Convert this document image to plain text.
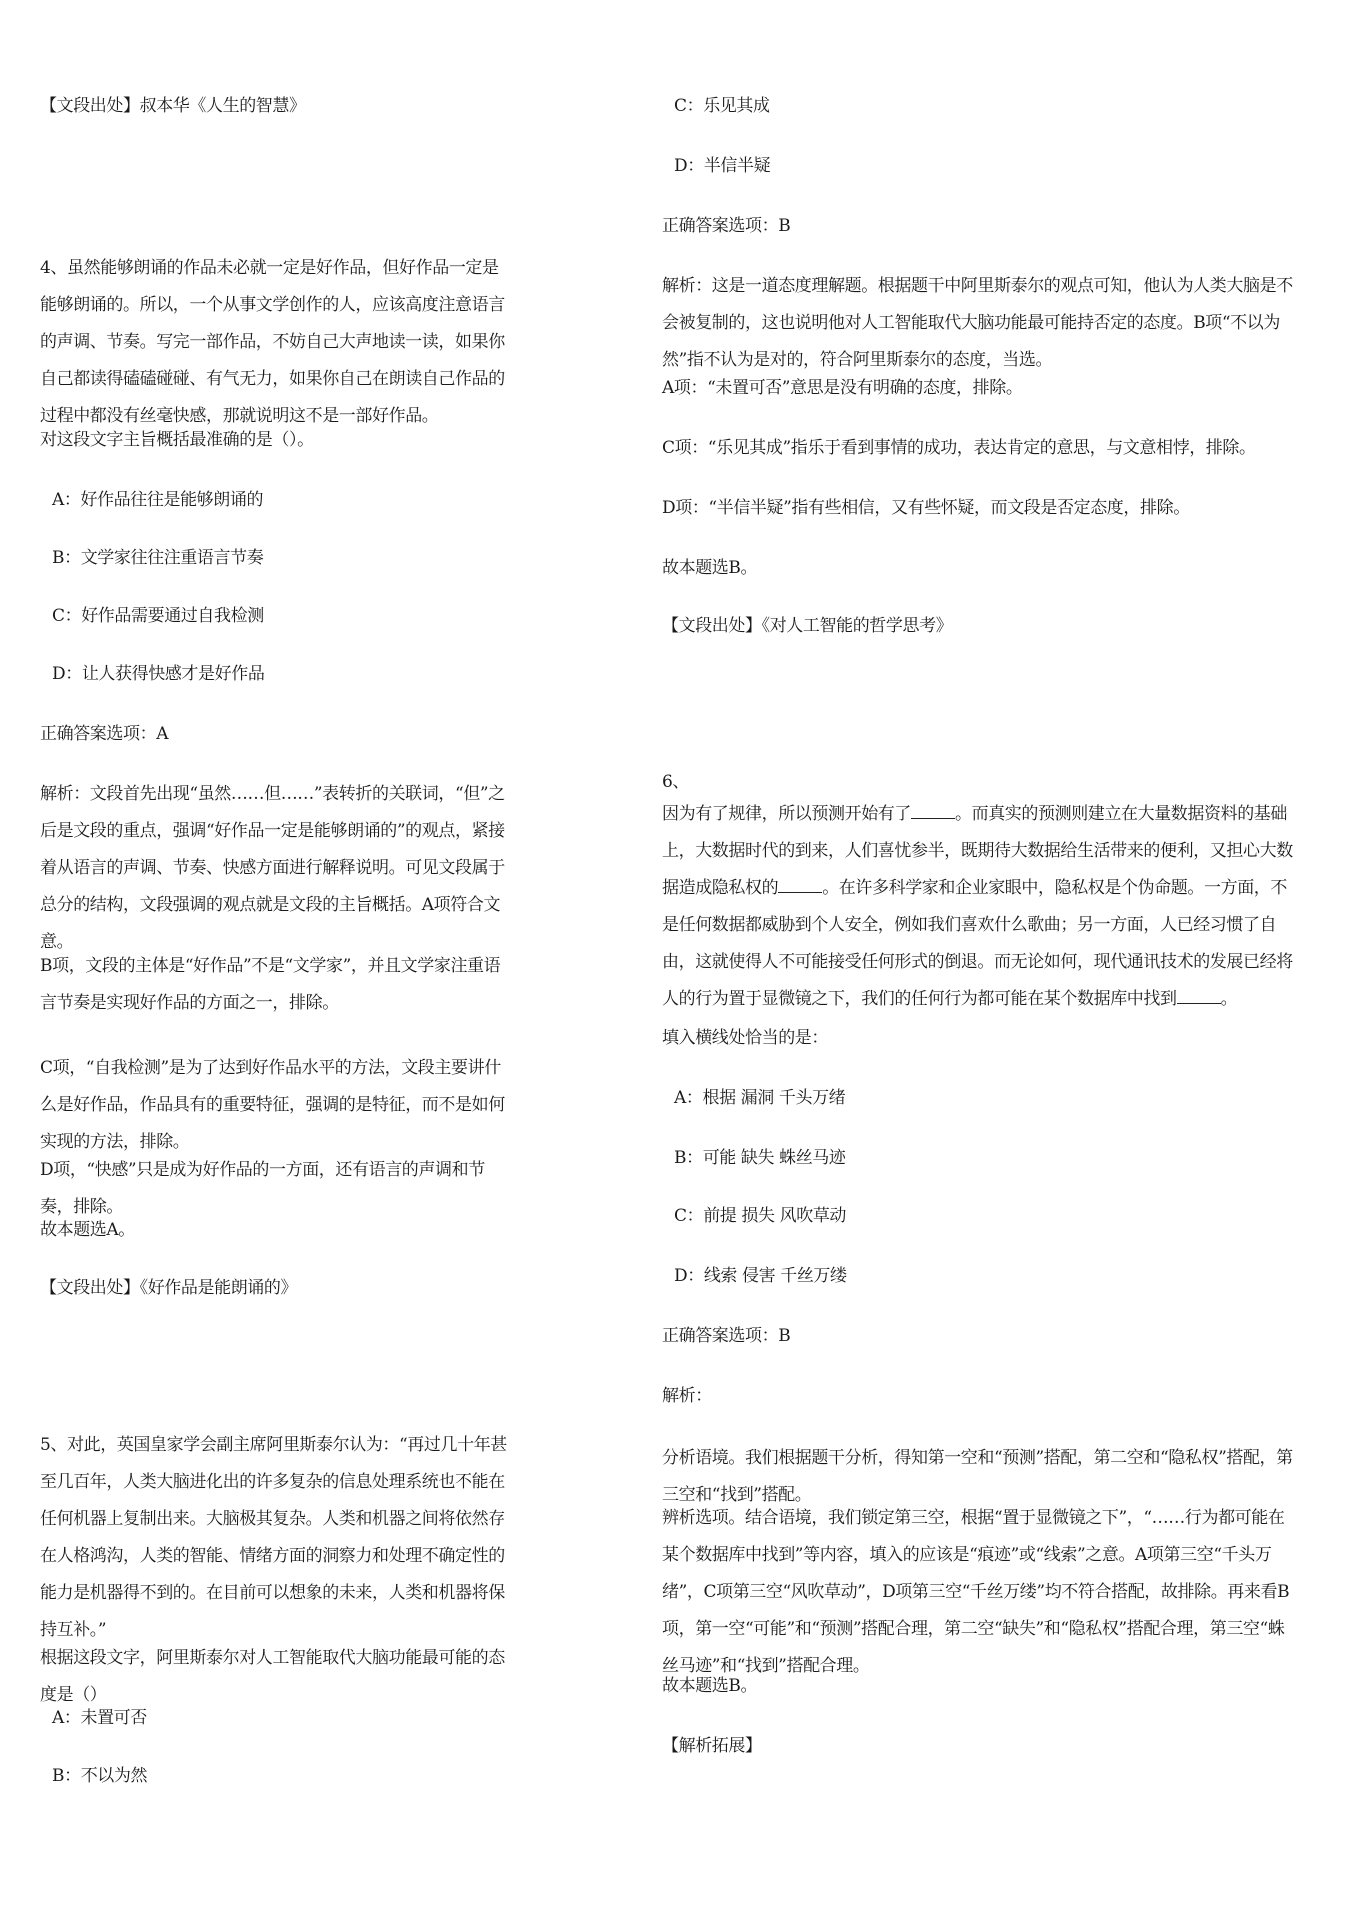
【文段出处】叔本华《人生的智慧》

4、虽然能够朗诵的作品未必就一定是好作品，但好作品一定是能够朗诵的。所以，一个从事文学创作的人，应该高度注意语言的声调、节奏。写完一部作品，不妨自己大声地读一读，如果你自己都读得磕磕碰碰、有气无力，如果你自己在朗读自己作品的过程中都没有丝毫快感，那就说明这不是一部好作品。

对这段文字主旨概括最准确的是（）。

A：好作品往往是能够朗诵的

B：文学家往往注重语言节奏

C：好作品需要通过自我检测

D：让人获得快感才是好作品

正确答案选项：A

解析：文段首先出现“虽然……但……”表转折的关联词，“但”之后是文段的重点，强调“好作品一定是能够朗诵的”的观点，紧接着从语言的声调、节奏、快感方面进行解释说明。可见文段属于总分的结构，文段强调的观点就是文段的主旨概括。A项符合文意。

B项，文段的主体是“好作品”不是“文学家”，并且文学家注重语言节奏是实现好作品的方面之一，排除。

C项，“自我检测”是为了达到好作品水平的方法，文段主要讲什么是好作品，作品具有的重要特征，强调的是特征，而不是如何实现的方法，排除。

D项，“快感”只是成为好作品的一方面，还有语言的声调和节奏，排除。

故本题选A。

【文段出处】《好作品是能朗诵的》

5、对此，英国皇家学会副主席阿里斯泰尔认为：“再过几十年甚至几百年，人类大脑进化出的许多复杂的信息处理系统也不能在任何机器上复制出来。大脑极其复杂。人类和机器之间将依然存在人格鸿沟，人类的智能、情绪方面的洞察力和处理不确定性的能力是机器得不到的。在目前可以想象的未来，人类和机器将保持互补。”

根据这段文字，阿里斯泰尔对人工智能取代大脑功能最可能的态度是（）

A：未置可否

B：不以为然

C：乐见其成

D：半信半疑

正确答案选项：B

解析：这是一道态度理解题。根据题干中阿里斯泰尔的观点可知，他认为人类大脑是不会被复制的，这也说明他对人工智能取代大脑功能最可能持否定的态度。B项“不以为然”指不认为是对的，符合阿里斯泰尔的态度，当选。

A项：“未置可否”意思是没有明确的态度，排除。

C项：“乐见其成”指乐于看到事情的成功，表达肯定的意思，与文意相悖，排除。

D项：“半信半疑”指有些相信，又有些怀疑，而文段是否定态度，排除。

故本题选B。

【文段出处】《对人工智能的哲学思考》

6、

因为有了规律，所以预测开始有了	。而真实的预测则建立在大量数据资料的基础上，大数据时代的到来，人们喜忧参半，既期待大数据给生活带来的便利，又担心大数据造成隐私权的	。在许多科学家和企业家眼中，隐私权是个伪命题。一方面，不是任何数据都威胁到个人安全，例如我们喜欢什么歌曲；另一方面，人已经习惯了自由，这就使得人不可能接受任何形式的倒退。而无论如何，现代通讯技术的发展已经将人的行为置于显微镜之下，我们的任何行为都可能在某个数据库中找到	。

填入横线处恰当的是：

A：根据 漏洞 千头万绪

B：可能 缺失 蛛丝马迹

C：前提 损失 风吹草动

D：线索 侵害 千丝万缕

正确答案选项：B

解析：

分析语境。我们根据题干分析，得知第一空和“预测”搭配，第二空和“隐私权”搭配，第三空和“找到”搭配。

辨析选项。结合语境，我们锁定第三空，根据“置于显微镜之下”，“……行为都可能在某个数据库中找到”等内容，填入的应该是“痕迹”或“线索”之意。A项第三空“千头万绪”，C项第三空“风吹草动”，D项第三空“千丝万缕”均不符合搭配，故排除。再来看B项，第一空“可能”和“预测”搭配合理，第二空“缺失”和“隐私权”搭配合理，第三空“蛛丝马迹”和“找到”搭配合理。

故本题选B。

【解析拓展】
